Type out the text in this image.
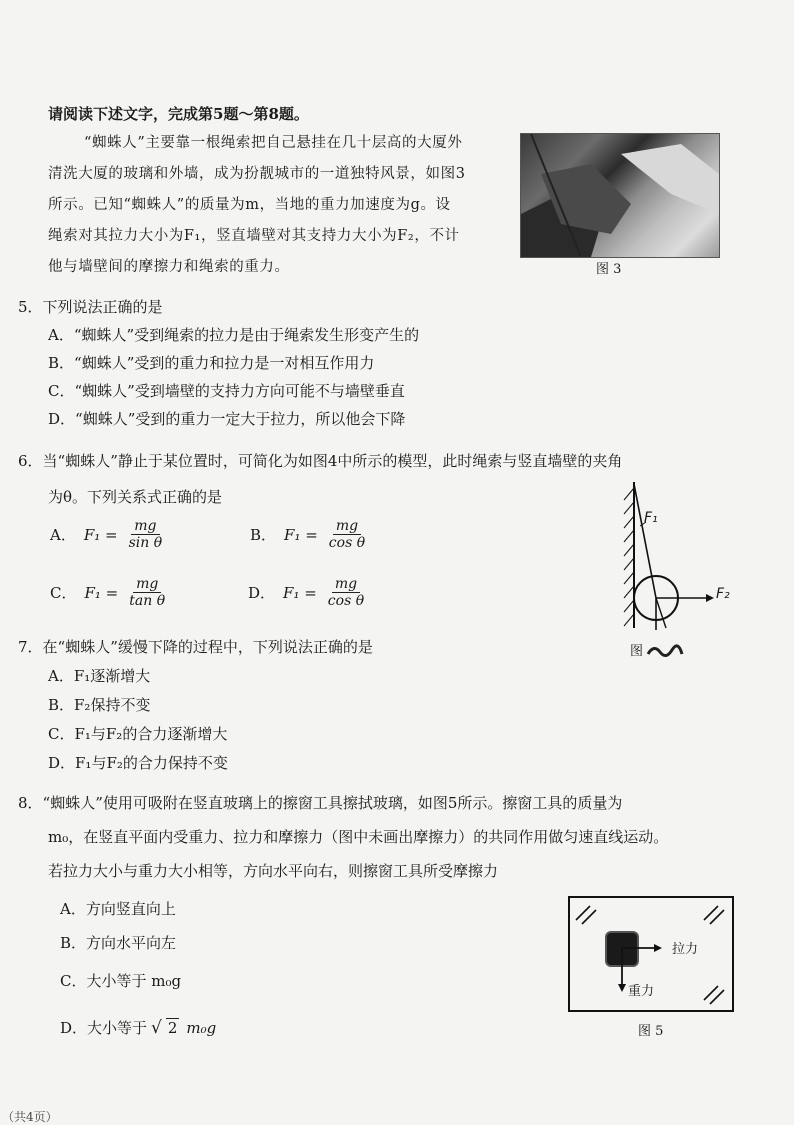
请阅读下述文字，完成第5题～第8题。
“蜘蛛人”主要靠一根绳索把自己悬挂在几十层高的大厦外
清洗大厦的玻璃和外墙，成为扮靓城市的一道独特风景，如图3
所示。已知“蜘蛛人”的质量为m，当地的重力加速度为g。设
绳索对其拉力大小为F₁，竖直墙壁对其支持力大小为F₂，不计
他与墙壁间的摩擦力和绳索的重力。	图 3
5．下列说法正确的是
A．“蜘蛛人”受到绳索的拉力是由于绳索发生形变产生的
B．“蜘蛛人”受到的重力和拉力是一对相互作用力
C．“蜘蛛人”受到墙壁的支持力方向可能不与墙壁垂直
D．“蜘蛛人”受到的重力一定大于拉力，所以他会下降
6．当“蜘蛛人”静止于某位置时，可简化为如图4中所示的模型，此时绳索与竖直墙壁的夹角
为θ。下列关系式正确的是
A． $F_1 = \frac{mg}{\text{sin θ}}$	B． $F_1 = \frac{mg}{\text{cos θ}}$
C． $F_1 = \frac{mg}{\text{tan θ}}$	D． $F_1 = \frac{mg}{\text{cos θ}}$
F₁
F₂
图
7．在“蜘蛛人”缓慢下降的过程中，下列说法正确的是
A．F₁逐渐增大
B．F₂保持不变
C．F₁与F₂的合力逐渐增大
D．F₁与F₂的合力保持不变
8．“蜘蛛人”使用可吸附在竖直玻璃上的擦窗工具擦拭玻璃，如图5所示。擦窗工具的质量为
m₀，在竖直平面内受重力、拉力和摩擦力（图中未画出摩擦力）的共同作用做匀速直线运动。
若拉力大小与重力大小相等，方向水平向右，则擦窗工具所受摩擦力
A．方向竖直向上
B．方向水平向左
C．大小等于 m₀g
D．大小等于 √ 2 m₀g
拉力
重力
图 5
（共4页）
